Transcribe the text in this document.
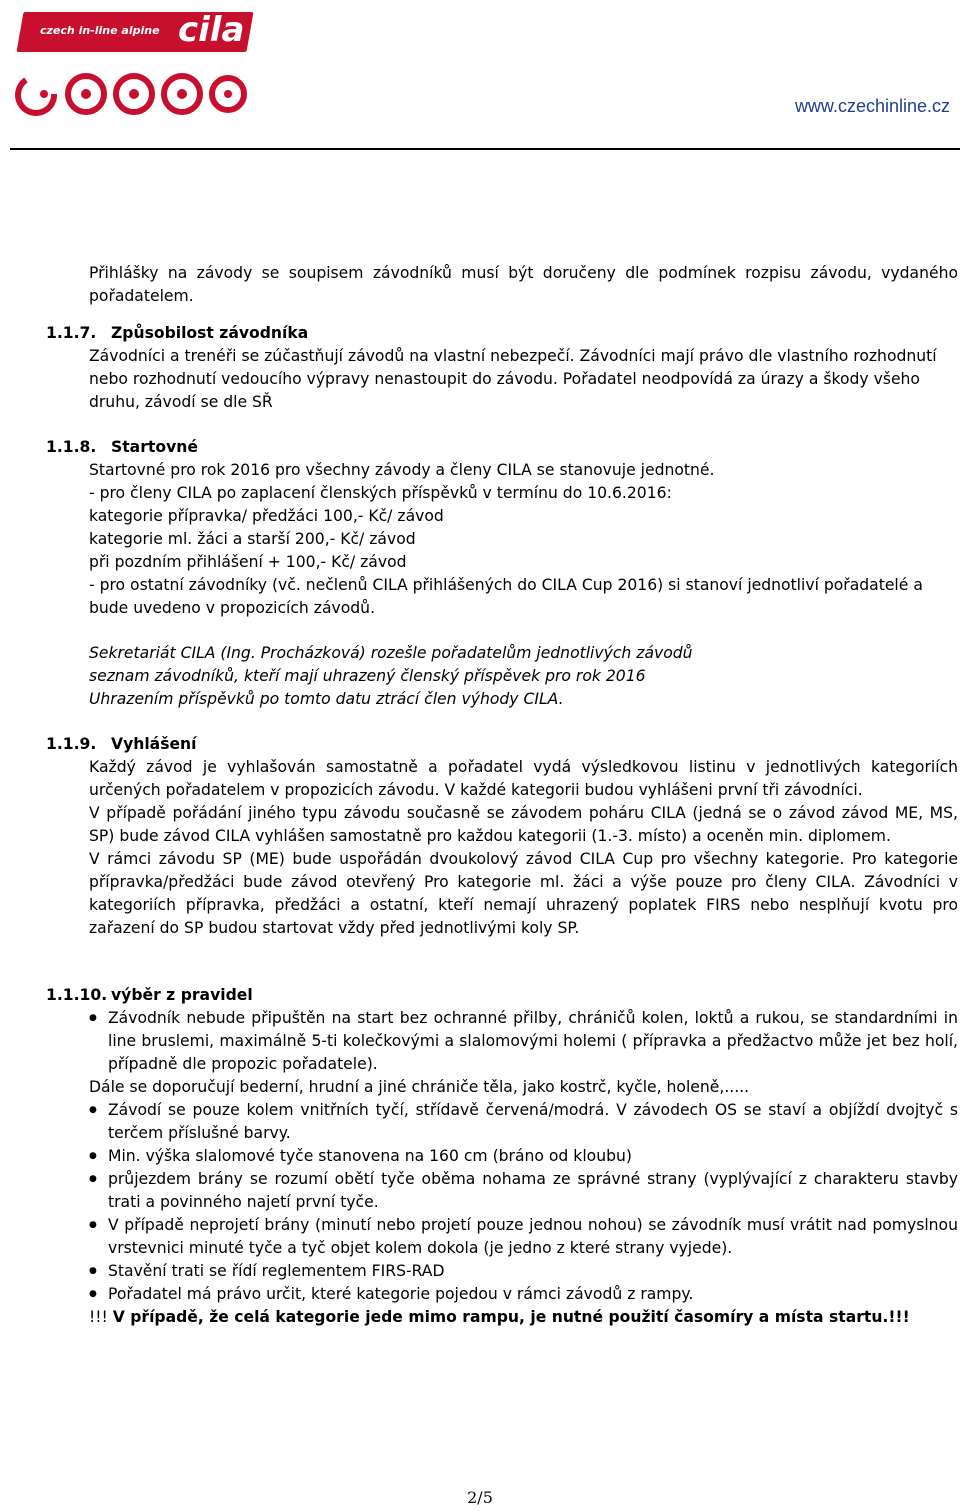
czech in-line alpine cila
www.czechinline.cz

Přihlášky na závody se soupisem závodníků musí být doručeny dle podmínek rozpisu závodu, vydaného pořadatelem.

1.1.7. Způsobilost závodníka

Závodníci a trenéři se zúčastňují závodů na vlastní nebezpečí. Závodníci mají právo dle vlastního rozhodnutí nebo rozhodnutí vedoucího výpravy nenastoupit do závodu. Pořadatel neodpovídá za úrazy a škody všeho druhu, závodí se dle SŘ

1.1.8. Startovné
Startovné pro rok 2016 pro všechny závody a členy CILA se stanovuje jednotné.
- pro členy CILA po zaplacení členských příspěvků v termínu do 10.6.2016:
kategorie přípravka/ předžáci 100,- Kč/ závod
kategorie ml. žáci a starší 200,- Kč/ závod
při pozdním přihlášení + 100,- Kč/ závod
- pro ostatní závodníky (vč. nečlenů CILA přihlášených do CILA Cup 2016) si stanoví jednotliví pořadatelé a bude uvedeno v propozicích závodů.
Sekretariát CILA (Ing. Procházková) rozešle pořadatelům jednotlivých závodů
seznam závodníků, kteří mají uhrazený členský příspěvek pro rok 2016
Uhrazením příspěvků po tomto datu ztrácí člen výhody CILA.
1.1.9. Vyhlášení
Každý závod je vyhlašován samostatně a pořadatel vydá výsledkovou listinu v jednotlivých kategoriích určených pořadatelem v propozicích závodu. V každé kategorii budou vyhlášeni první tři závodníci.
V případě pořádání jiného typu závodu současně se závodem poháru CILA (jedná se o závod závod ME, MS, SP) bude závod CILA vyhlášen samostatně pro každou kategorii (1.-3. místo) a oceněn min. diplomem.
V rámci závodu SP (ME) bude uspořádán dvoukolový závod CILA Cup pro všechny kategorie. Pro kategorie přípravka/předžáci bude závod otevřený Pro kategorie ml. žáci a výše pouze pro členy CILA. Závodníci v kategoriích přípravka, předžáci a ostatní, kteří nemají uhrazený poplatek FIRS nebo nesplňují kvotu pro zařazení do SP budou startovat vždy před jednotlivými koly SP.
1.1.10. výběr z pravidel
● Závodník nebude připuštěn na start bez ochranné přilby, chráničů kolen, loktů a rukou, se standardními in line bruslemi, maximálně 5-ti kolečkovými a slalomovými holemi ( přípravka a předžactvo může jet bez holí, případně dle propozic pořadatele).
Dále se doporučují bederní, hrudní a jiné chrániče těla, jako kostrč, kyčle, holeně,.....
● Závodí se pouze kolem vnitřních tyčí, střídavě červená/modrá. V závodech OS se staví a objíždí dvojtyč s terčem příslušné barvy.
● Min. výška slalomové tyče stanovena na 160 cm (bráno od kloubu)
● průjezdem brány se rozumí obětí tyče oběma nohama ze správné strany (vyplývající z charakteru stavby trati a povinného najetí první tyče.
● V případě neprojetí brány (minutí nebo projetí pouze jednou nohou) se závodník musí vrátit nad pomyslnou vrstevnici minuté tyče a tyč objet kolem dokola (je jedno z které strany vyjede).
● Stavění trati se řídí reglementem FIRS-RAD
● Pořadatel má právo určit, které kategorie pojedou v rámci závodů z rampy.
!!! V případě, že celá kategorie jede mimo rampu, je nutné použití časomíry a místa startu.!!!
2/5
